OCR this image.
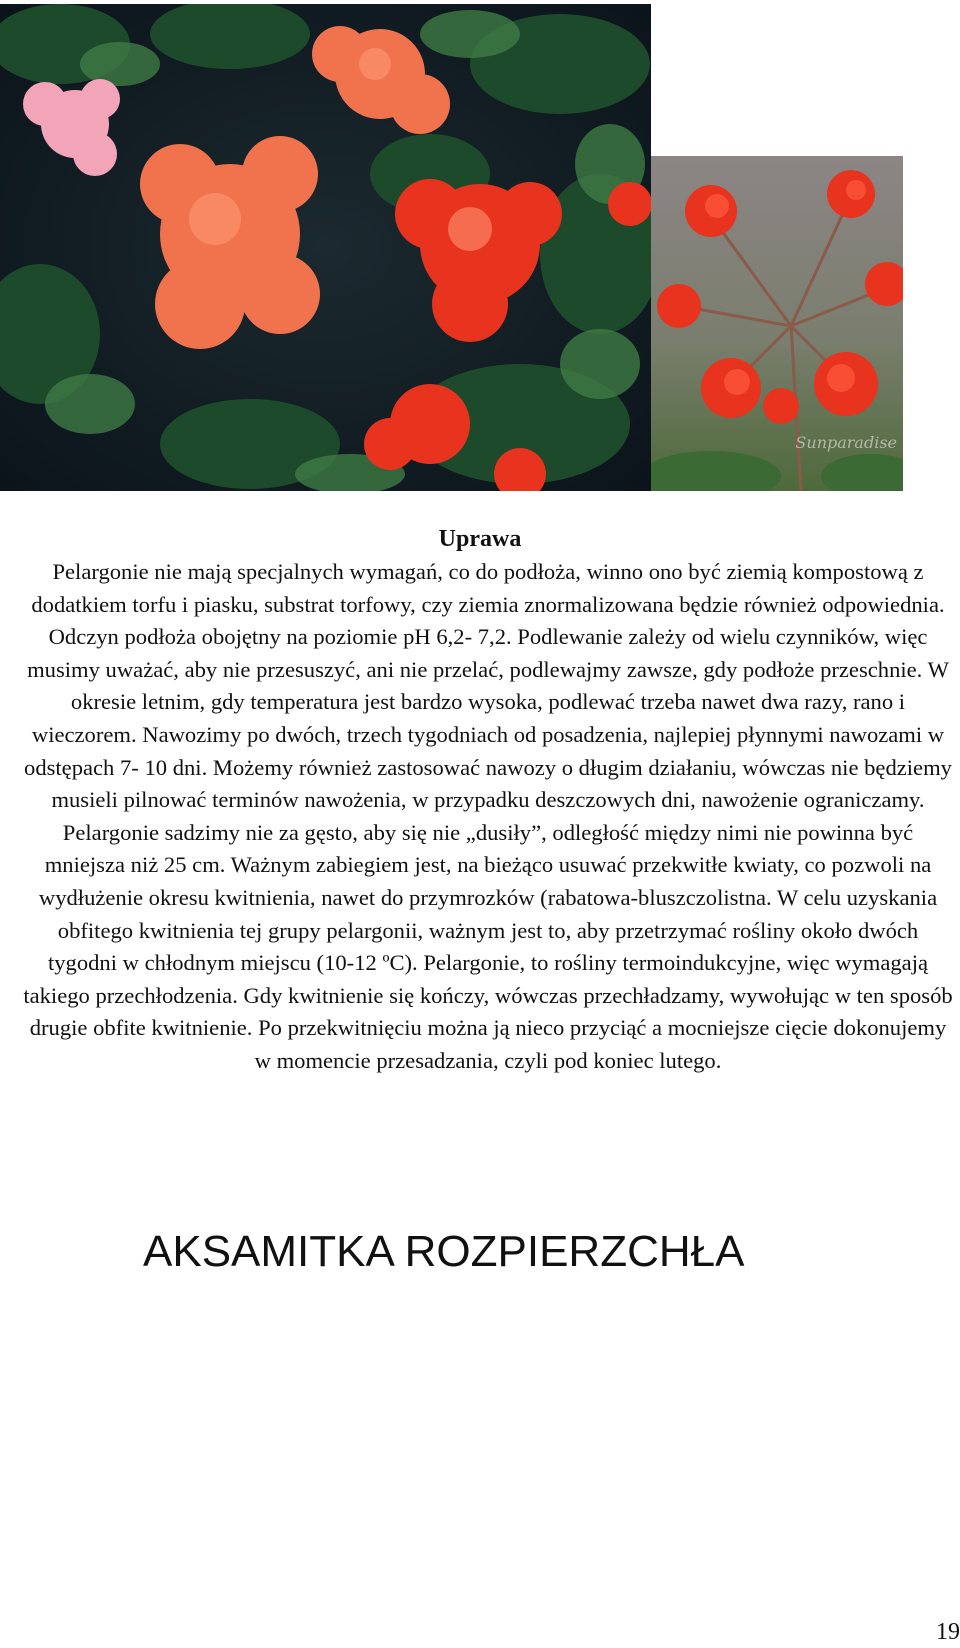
Sunparadise
Uprawa

Pelargonie nie mają specjalnych wymagań, co do podłoża, winno ono być ziemią kompostową z dodatkiem torfu i piasku, substrat torfowy, czy ziemia znormalizowana będzie również odpowiednia. Odczyn podłoża obojętny na poziomie pH 6,2- 7,2. Podlewanie zależy od wielu czynników, więc musimy uważać, aby nie przesuszyć, ani nie przelać, podlewajmy zawsze, gdy podłoże przeschnie. W okresie letnim, gdy temperatura jest bardzo wysoka, podlewać trzeba nawet dwa razy, rano i wieczorem. Nawozimy po dwóch, trzech tygodniach od posadzenia, najlepiej płynnymi nawozami w odstępach 7- 10 dni. Możemy również zastosować nawozy o długim działaniu, wówczas nie będziemy musieli pilnować terminów nawożenia, w przypadku deszczowych dni, nawożenie ograniczamy. Pelargonie sadzimy nie za gęsto, aby się nie „dusiły”, odległość między nimi nie powinna być mniejsza niż 25 cm. Ważnym zabiegiem jest, na bieżąco usuwać przekwitłe kwiaty, co pozwoli na wydłużenie okresu kwitnienia, nawet do przymrozków (rabatowa-bluszczolistna. W celu uzyskania obfitego kwitnienia tej grupy pelargonii, ważnym jest to, aby przetrzymać rośliny około dwóch tygodni w chłodnym miejscu (10-12 ºC). Pelargonie, to rośliny termoindukcyjne, więc wymagają takiego przechłodzenia. Gdy kwitnienie się kończy, wówczas przechładzamy, wywołując w ten sposób drugie obfite kwitnienie. Po przekwitnięciu można ją nieco przyciąć a mocniejsze cięcie dokonujemy w momencie przesadzania, czyli pod koniec lutego.

AKSAMITKA ROZPIERZCHŁA
19
